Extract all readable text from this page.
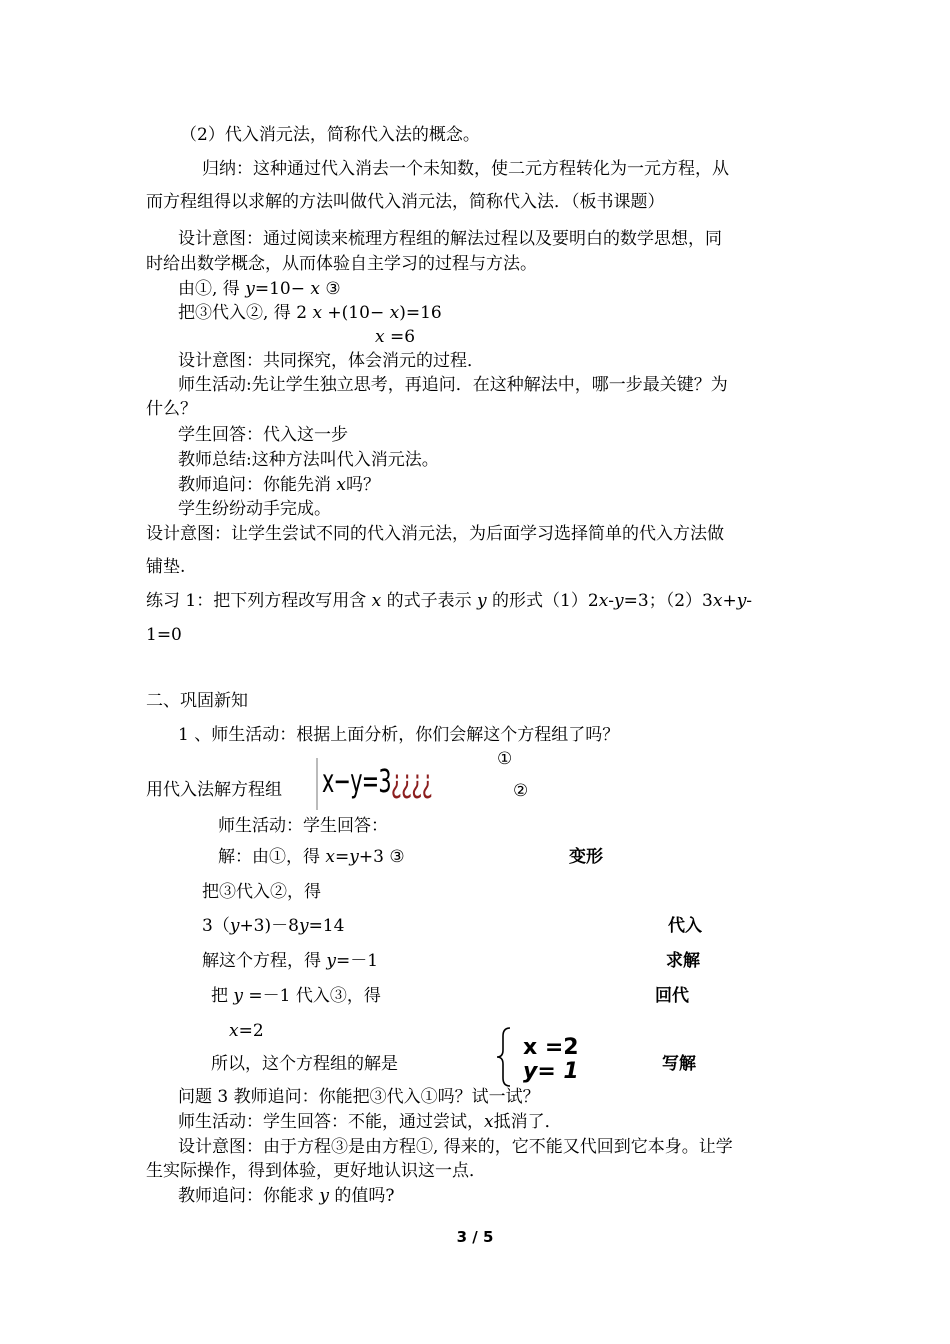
（2）代入消元法，简称代入法的概念。
归纳：这种通过代入消去一个未知数，使二元方程转化为一元方程，从
而方程组得以求解的方法叫做代入消元法，简称代入法．（板书课题）
设计意图：通过阅读来梳理方程组的解法过程以及要明白的数学思想，同
时给出数学概念，从而体验自主学习的过程与方法。
由①, 得 y=10− x ③
把③代入②, 得 2 x +(10− x)=16
x =6
设计意图：共同探究，体会消元的过程．
师生活动:先让学生独立思考，再追问．在这种解法中，哪一步最关键？为
什么？
学生回答：代入这一步
教师总结:这种方法叫代入消元法。
教师追问：你能先消 x吗？
学生纷纷动手完成。
设计意图：让学生尝试不同的代入消元法，为后面学习选择简单的代入方法做
铺垫.
练习 1：把下列方程改写用含 x 的式子表示 y 的形式（1）2x-y=3；（2）3x+y-
1=0
二、巩固新知
1 、师生活动：根据上面分析，你们会解这个方程组了吗？
用代入法解方程组 x−y=3¿¿¿¿
①
②
师生活动：学生回答：
解：由①，得 x=y+3 ③	变形
把③代入②，得
3（y+3)－8y=14	代入
解这个方程，得 y=－1	求解
把 y =－1 代入③，得	回代
x=2
所以，这个方程组的解是
x =2
y= 1	写解
问题 3 教师追问：你能把③代入①吗？试一试？
师生活动：学生回答：不能，通过尝试，x抵消了．
设计意图：由于方程③是由方程①, 得来的，它不能又代回到它本身。让学
生实际操作，得到体验，更好地认识这一点．
教师追问：你能求 y 的值吗?
3 / 5
